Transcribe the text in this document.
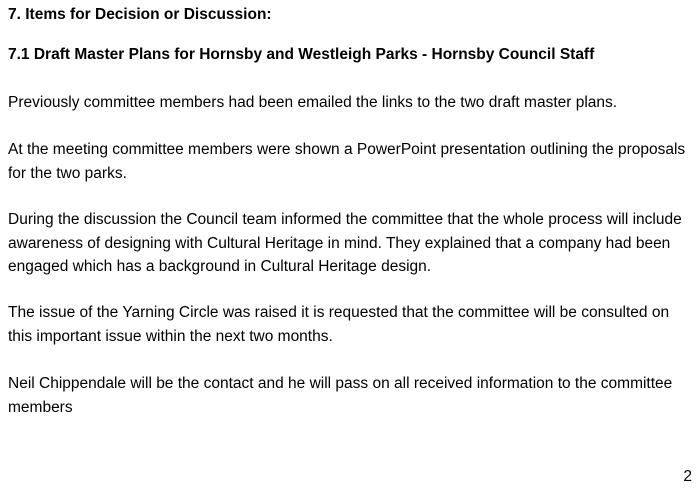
7. Items for Decision or Discussion:
7.1 Draft Master Plans for Hornsby and Westleigh Parks - Hornsby Council Staff

Previously committee members had been emailed the links to the two draft master plans.

At the meeting committee members were shown a PowerPoint presentation outlining the proposals
for the two parks.

During the discussion the Council team informed the committee that the whole process will include
awareness of designing with Cultural Heritage in mind. They explained that a company had been
engaged which has a background in Cultural Heritage design.

The issue of the Yarning Circle was raised it is requested that the committee will be consulted on
this important issue within the next two months.

Neil Chippendale will be the contact and he will pass on all received information to the committee
members

2
